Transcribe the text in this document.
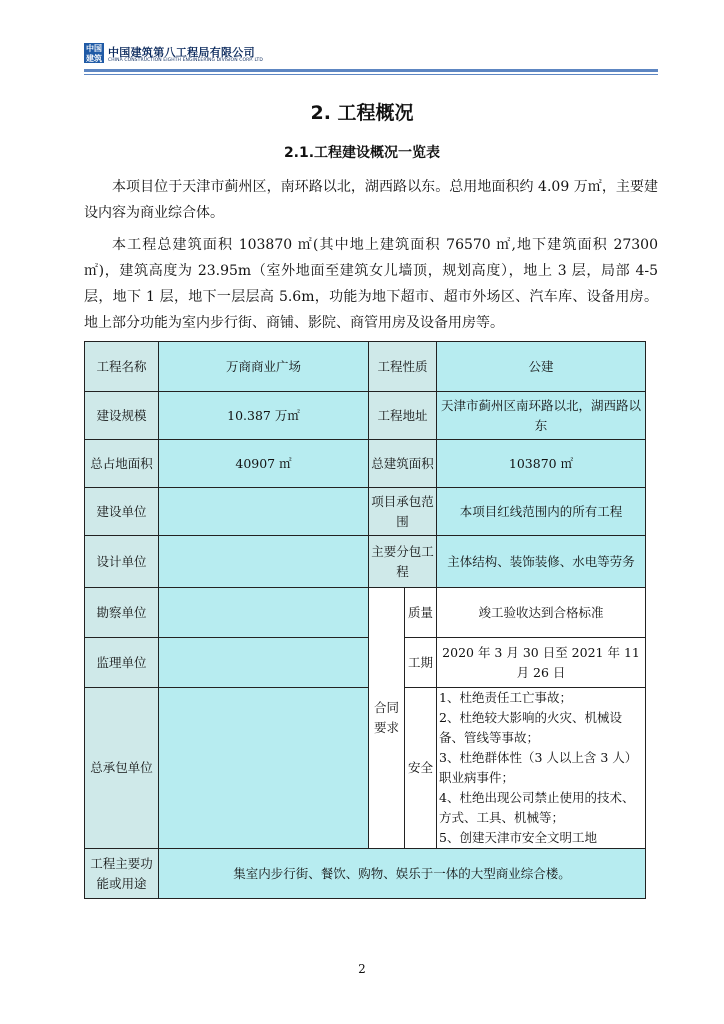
中国
建筑 中国建筑第八工程局有限公司
CHINA CONSTRUCTION EIGHTH ENGINEERING DIVISION CORP. LTD
2. 工程概况
2.1.工程建设概况一览表
本项目位于天津市蓟州区，南环路以北，湖西路以东。总用地面积约 4.09 万㎡，主要建设内容为商业综合体。
本工程总建筑面积 103870 ㎡(其中地上建筑面积 76570 ㎡,地下建筑面积 27300 ㎡)，建筑高度为 23.95m（室外地面至建筑女儿墙顶，规划高度），地上 3 层，局部 4-5 层，地下 1 层，地下一层层高 5.6m，功能为地下超市、超市外场区、汽车库、设备用房。地上部分功能为室内步行街、商铺、影院、商管用房及设备用房等。
工程名称	万商商业广场	工程性质		公建
建设规模	10.387 万㎡	工程地址		天津市蓟州区南环路以北，湖西路以东
总占地面积	40907 ㎡	总建筑面积		103870 ㎡
建设单位		项目承包范围		本项目红线范围内的所有工程
设计单位		主要分包工程		主体结构、装饰装修、水电等劳务
勘察单位		合同要求	质量	竣工验收达到合格标准
监理单位			工期	2020 年 3 月 30 日至 2021 年 11 月 26 日
总承包单位			安全	1、杜绝责任工亡事故；
2、杜绝较大影响的火灾、机械设备、管线等事故；
3、杜绝群体性（3 人以上含 3 人）职业病事件；
4、杜绝出现公司禁止使用的技术、方式、工具、机械等；
5、创建天津市安全文明工地

工程主要功能或用途	集室内步行街、餐饮、购物、娱乐于一体的大型商业综合楼。			
2
